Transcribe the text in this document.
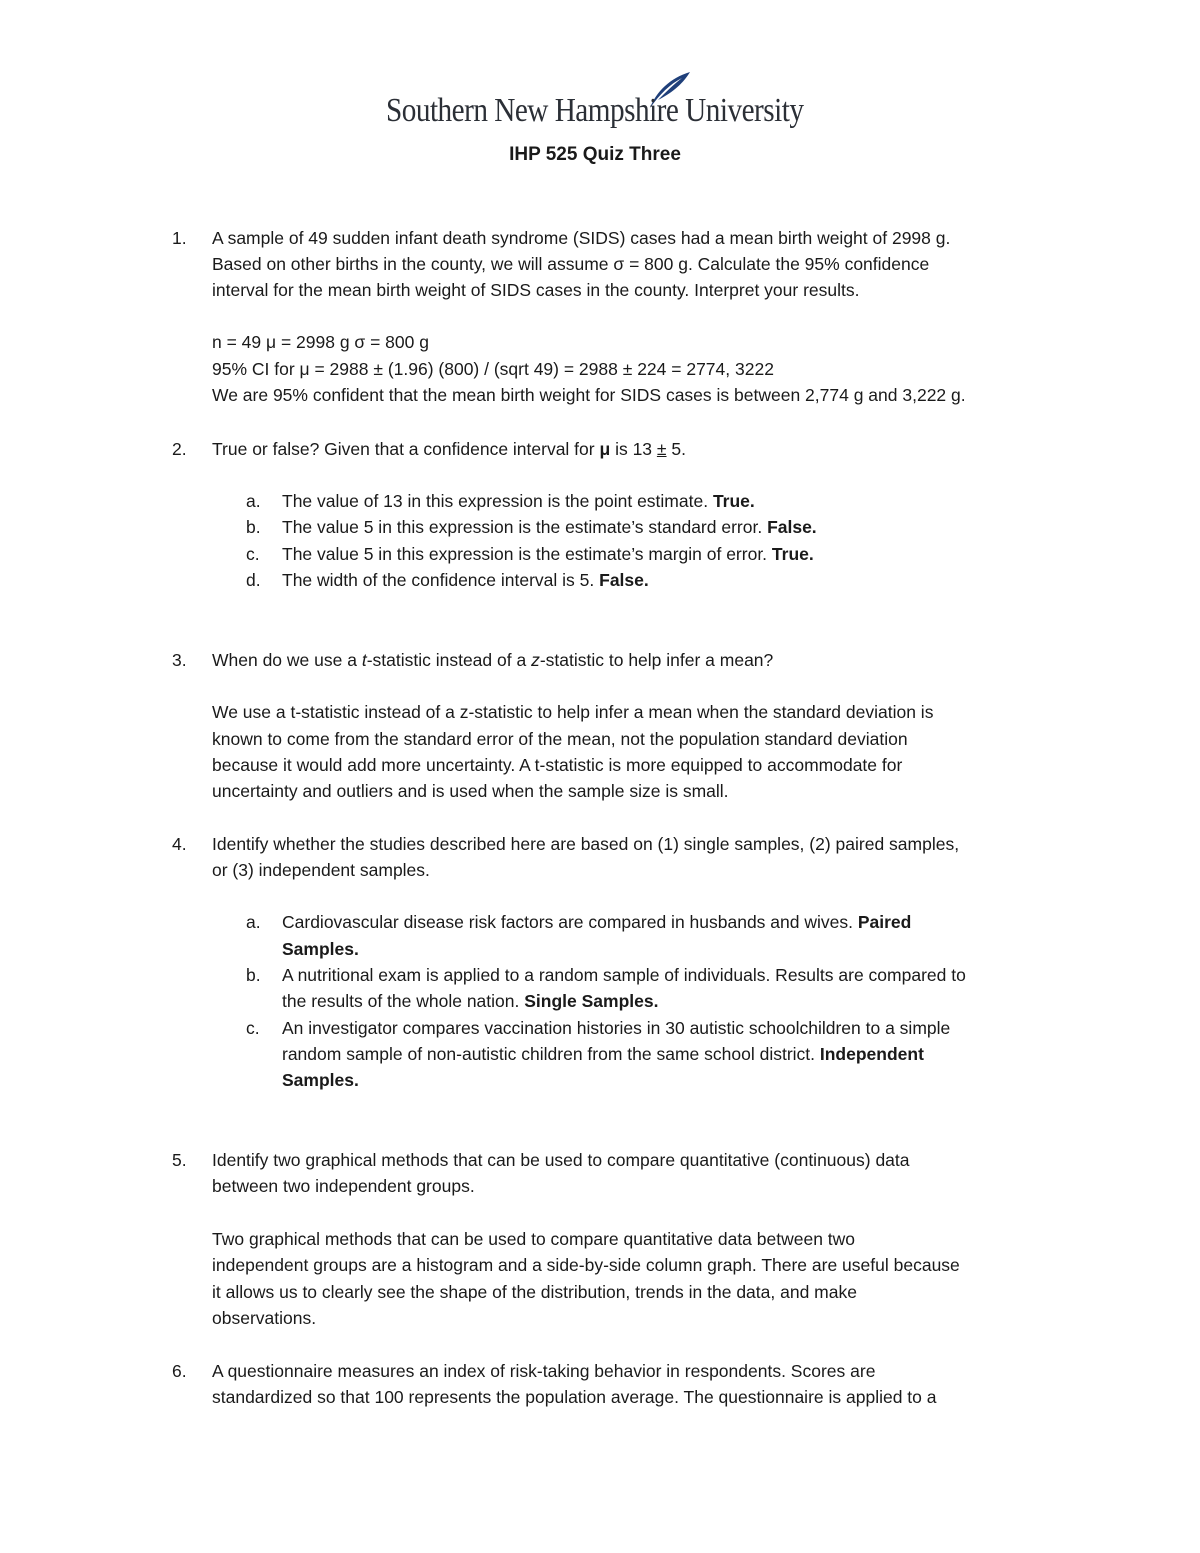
Southern New Hampshire University
IHP 525 Quiz Three
1. A sample of 49 sudden infant death syndrome (SIDS) cases had a mean birth weight of 2998 g.
Based on other births in the county, we will assume σ = 800 g. Calculate the 95% confidence
interval for the mean birth weight of SIDS cases in the county. Interpret your results.
n = 49 μ = 2998 g σ = 800 g
95% CI for μ = 2988 ± (1.96) (800) / (sqrt 49) = 2988 ± 224 = 2774, 3222
We are 95% confident that the mean birth weight for SIDS cases is between 2,774 g and 3,222 g.
2. True or false? Given that a confidence interval for μ is 13 ± 5.
a. The value of 13 in this expression is the point estimate. True.
b. The value 5 in this expression is the estimate’s standard error. False.
c. The value 5 in this expression is the estimate’s margin of error. True.
d. The width of the confidence interval is 5. False.
3. When do we use a t-statistic instead of a z-statistic to help infer a mean?
We use a t-statistic instead of a z-statistic to help infer a mean when the standard deviation is
known to come from the standard error of the mean, not the population standard deviation
because it would add more uncertainty. A t-statistic is more equipped to accommodate for
uncertainty and outliers and is used when the sample size is small.
4. Identify whether the studies described here are based on (1) single samples, (2) paired samples,
or (3) independent samples.
a. Cardiovascular disease risk factors are compared in husbands and wives. Paired
Samples.
b. A nutritional exam is applied to a random sample of individuals. Results are compared to
the results of the whole nation. Single Samples.
c. An investigator compares vaccination histories in 30 autistic schoolchildren to a simple
random sample of non-autistic children from the same school district. Independent
Samples.
5. Identify two graphical methods that can be used to compare quantitative (continuous) data
between two independent groups.
Two graphical methods that can be used to compare quantitative data between two
independent groups are a histogram and a side-by-side column graph. There are useful because
it allows us to clearly see the shape of the distribution, trends in the data, and make
observations.
6. A questionnaire measures an index of risk-taking behavior in respondents. Scores are
standardized so that 100 represents the population average. The questionnaire is applied to a
